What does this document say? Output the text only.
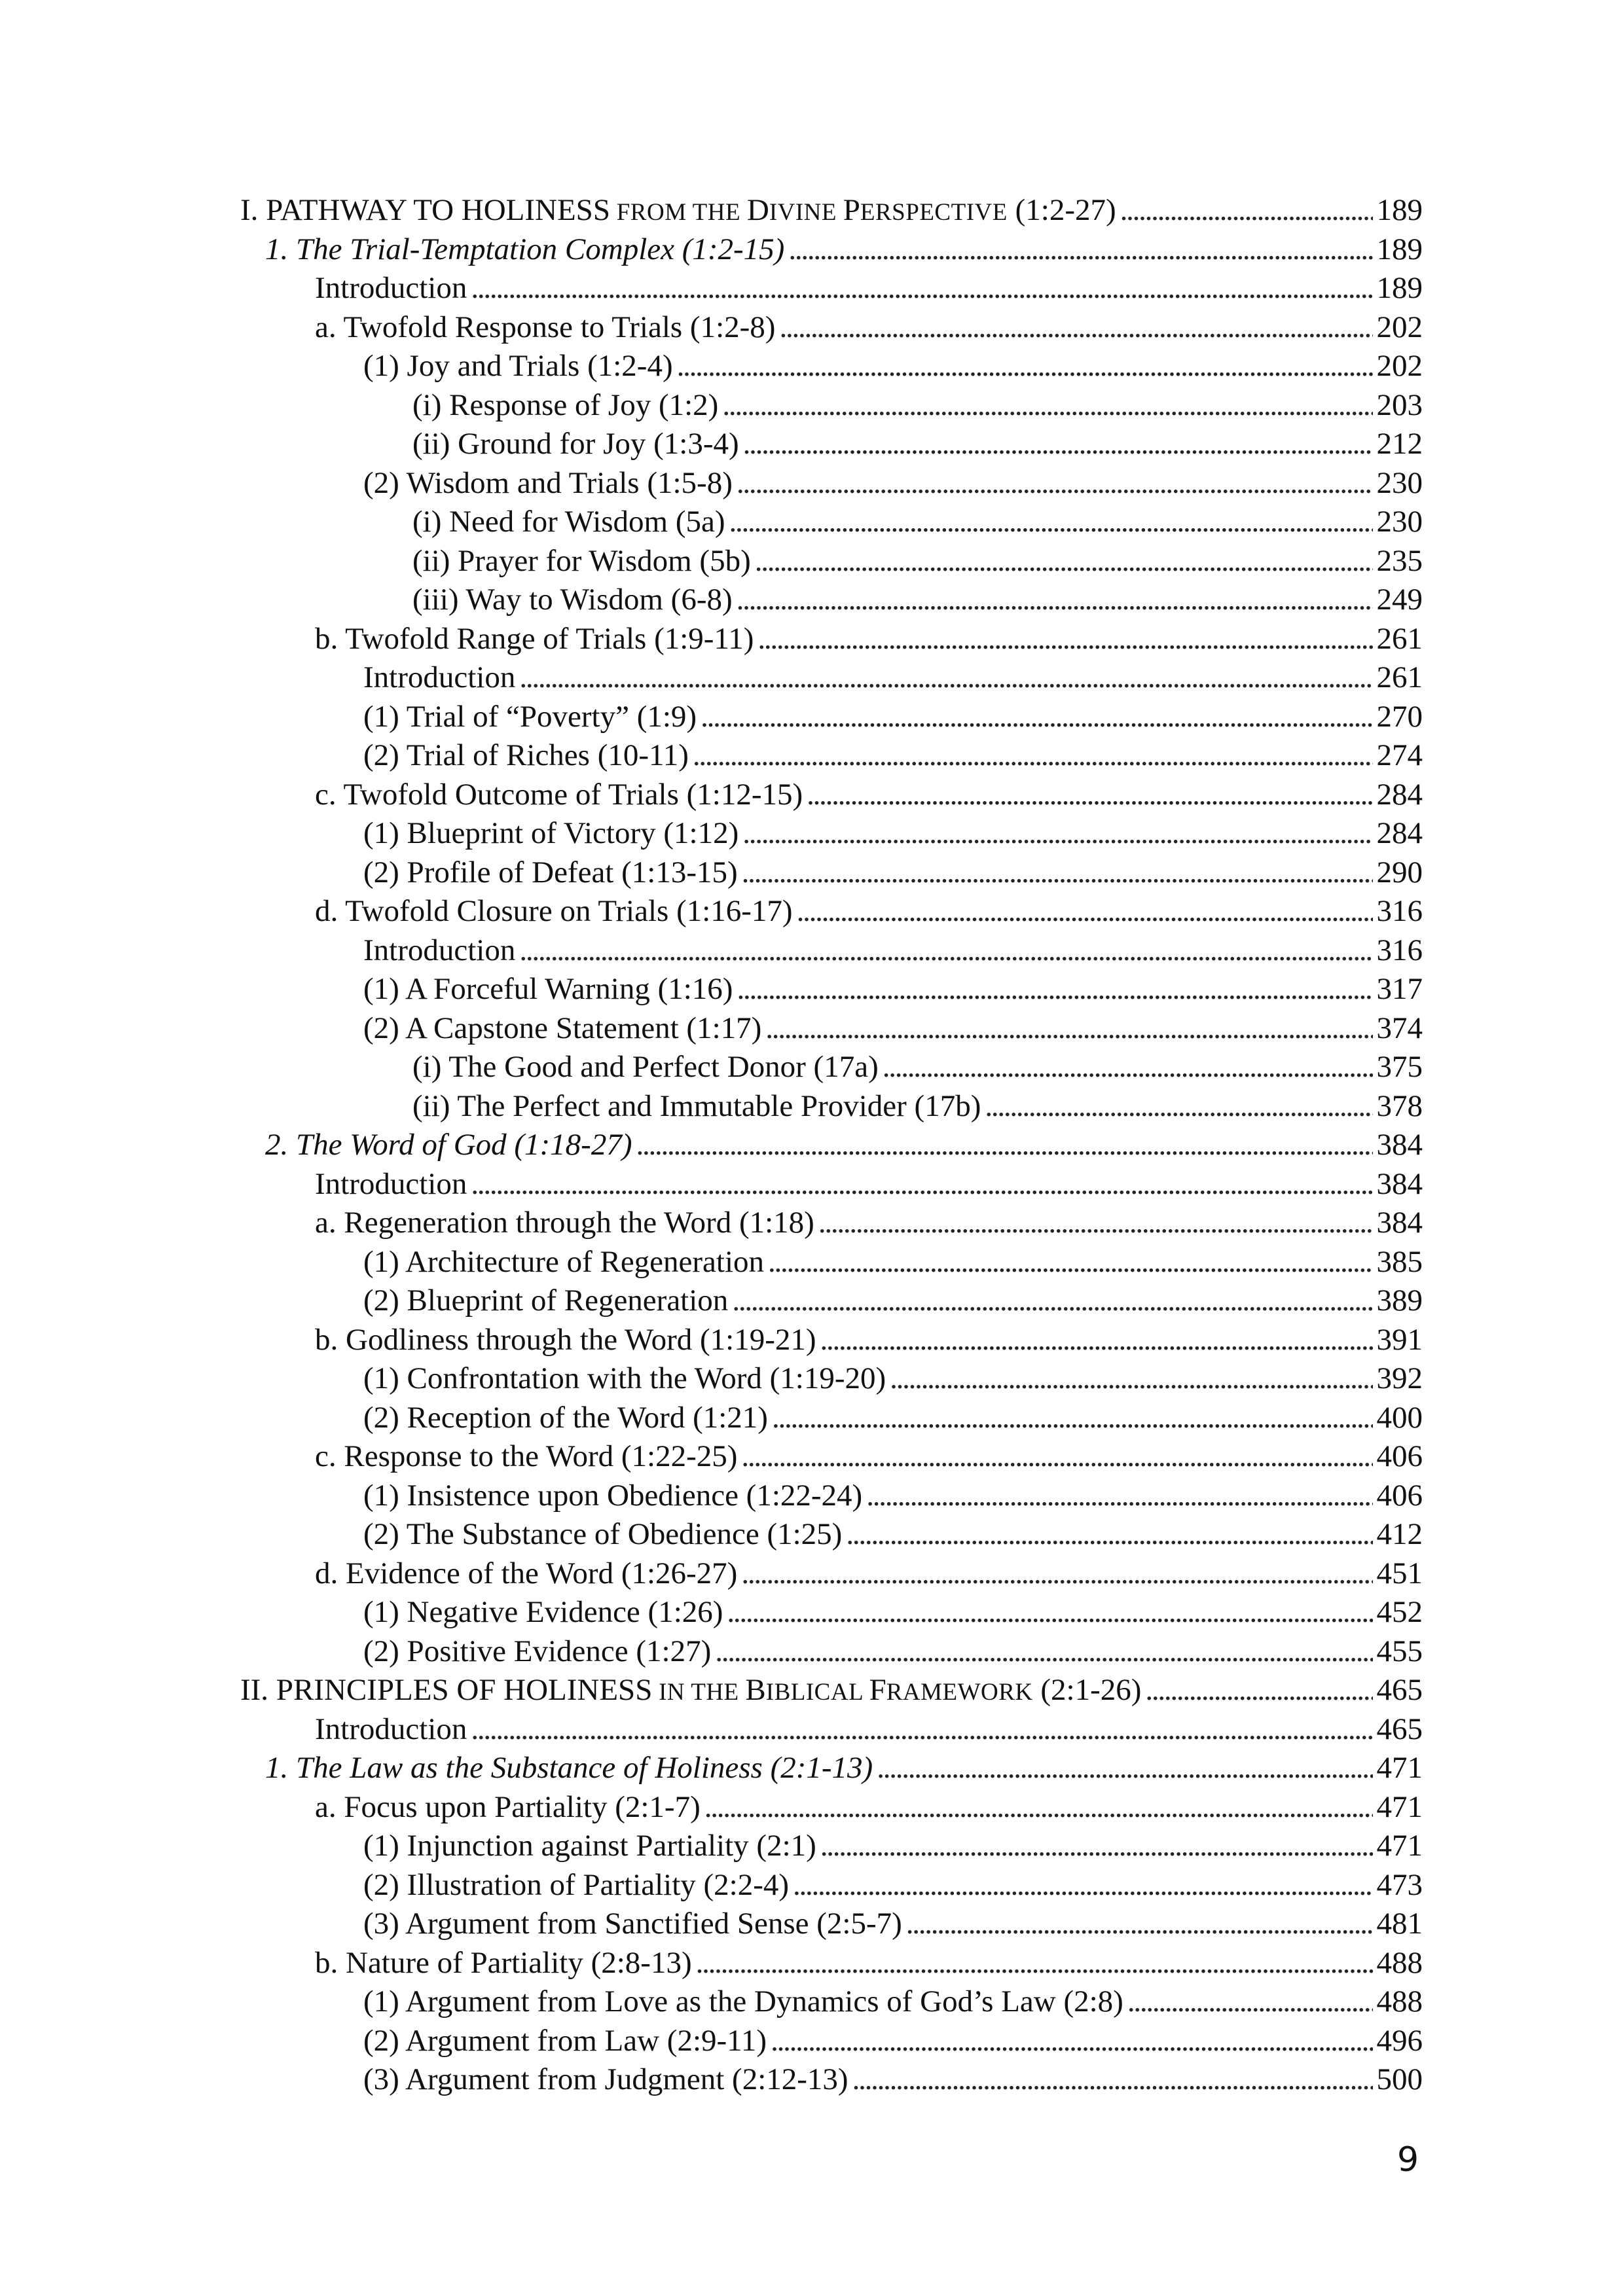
I. PATHWAY TO HOLINESS FROM THE DIVINE PERSPECTIVE (1:2-27) . . .	189
1. The Trial-Temptation Complex (1:2-15) . . .	189
Introduction . . .	189
a. Twofold Response to Trials (1:2-8) . . .	202
(1) Joy and Trials (1:2-4) . . .	202
(i) Response of Joy (1:2) . . .	203
(ii) Ground for Joy (1:3-4) . . .	212
(2) Wisdom and Trials (1:5-8) . . .	230
(i) Need for Wisdom (5a) . . .	230
(ii) Prayer for Wisdom (5b) . . .	235
(iii) Way to Wisdom (6-8) . . .	249
b. Twofold Range of Trials (1:9-11) . . .	261
Introduction . . .	261
(1) Trial of “Poverty” (1:9) . . .	270
(2) Trial of Riches (10-11) . . .	274
c. Twofold Outcome of Trials (1:12-15) . . .	284
(1) Blueprint of Victory (1:12) . . .	284
(2) Profile of Defeat (1:13-15) . . .	290
d. Twofold Closure on Trials (1:16-17) . . .	316
Introduction . . .	316
(1) A Forceful Warning (1:16) . . .	317
(2) A Capstone Statement (1:17) . . .	374
(i) The Good and Perfect Donor (17a) . . .	375
(ii) The Perfect and Immutable Provider (17b) . . .	378
2. The Word of God (1:18-27) . . .	384
Introduction . . .	384
a. Regeneration through the Word (1:18) . . .	384
(1) Architecture of Regeneration . . .	385
(2) Blueprint of Regeneration . . .	389
b. Godliness through the Word (1:19-21) . . .	391
(1) Confrontation with the Word (1:19-20) . . .	392
(2) Reception of the Word (1:21) . . .	400
c. Response to the Word (1:22-25) . . .	406
(1) Insistence upon Obedience (1:22-24) . . .	406
(2) The Substance of Obedience (1:25) . . .	412
d. Evidence of the Word (1:26-27) . . .	451
(1) Negative Evidence (1:26) . . .	452
(2) Positive Evidence (1:27) . . .	455
II. PRINCIPLES OF HOLINESS IN THE BIBLICAL FRAMEWORK (2:1-26) . . .	465
Introduction . . .	465
1. The Law as the Substance of Holiness (2:1-13) . . .	471
a. Focus upon Partiality (2:1-7) . . .	471
(1) Injunction against Partiality (2:1) . . .	471
(2) Illustration of Partiality (2:2-4) . . .	473
(3) Argument from Sanctified Sense (2:5-7) . . .	481
b. Nature of Partiality (2:8-13) . . .	488
(1) Argument from Love as the Dynamics of God’s Law (2:8) . . .	488
(2) Argument from Law (2:9-11) . . .	496
(3) Argument from Judgment (2:12-13) . . .	500
9
